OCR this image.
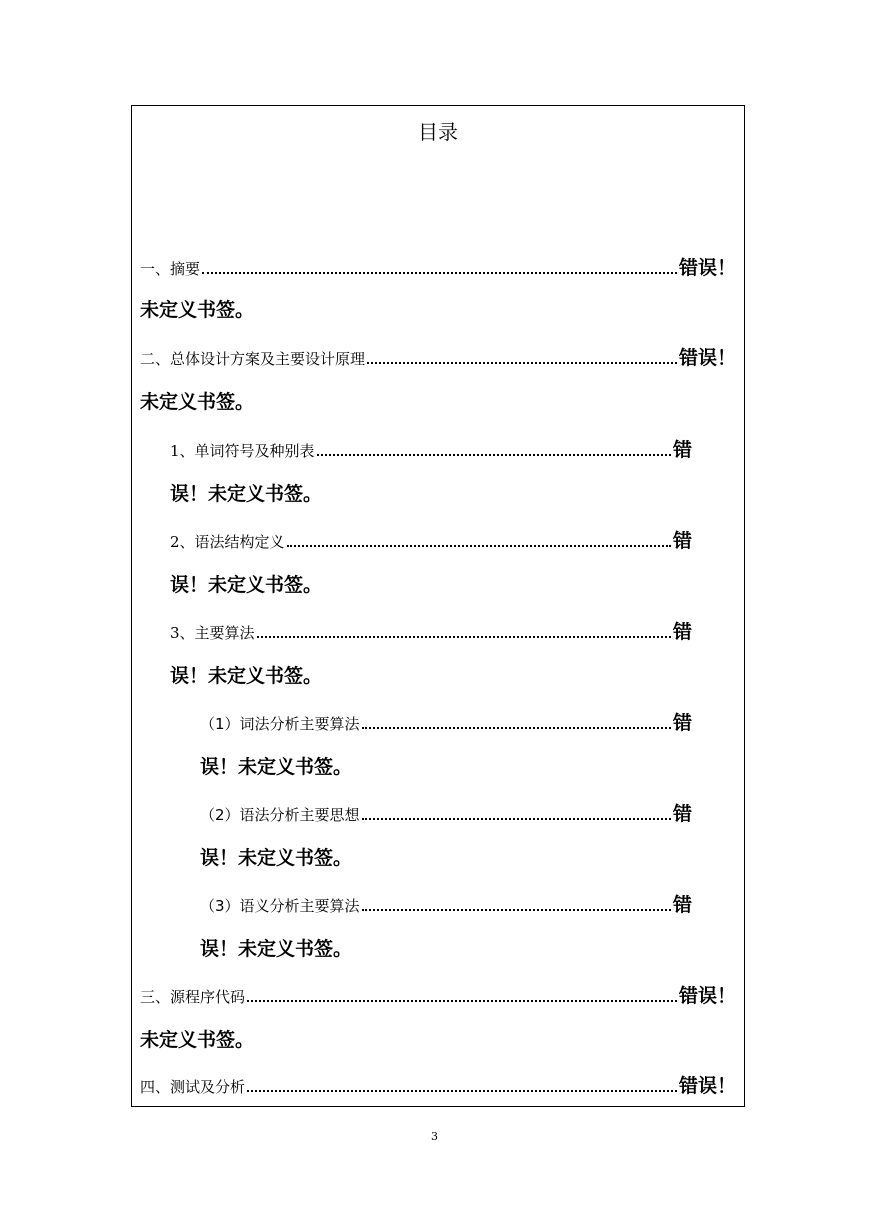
目录
一、摘要	错误！
未定义书签。
二、总体设计方案及主要设计原理	错误！
未定义书签。
1、单词符号及种别表	错
误！未定义书签。
2、语法结构定义	错
误！未定义书签。
3、主要算法	错
误！未定义书签。
（1）词法分析主要算法	错
误！未定义书签。
（2）语法分析主要思想	错
误！未定义书签。
（3）语义分析主要算法	错
误！未定义书签。
三、源程序代码	错误！
未定义书签。
四、测试及分析	错误！
3
